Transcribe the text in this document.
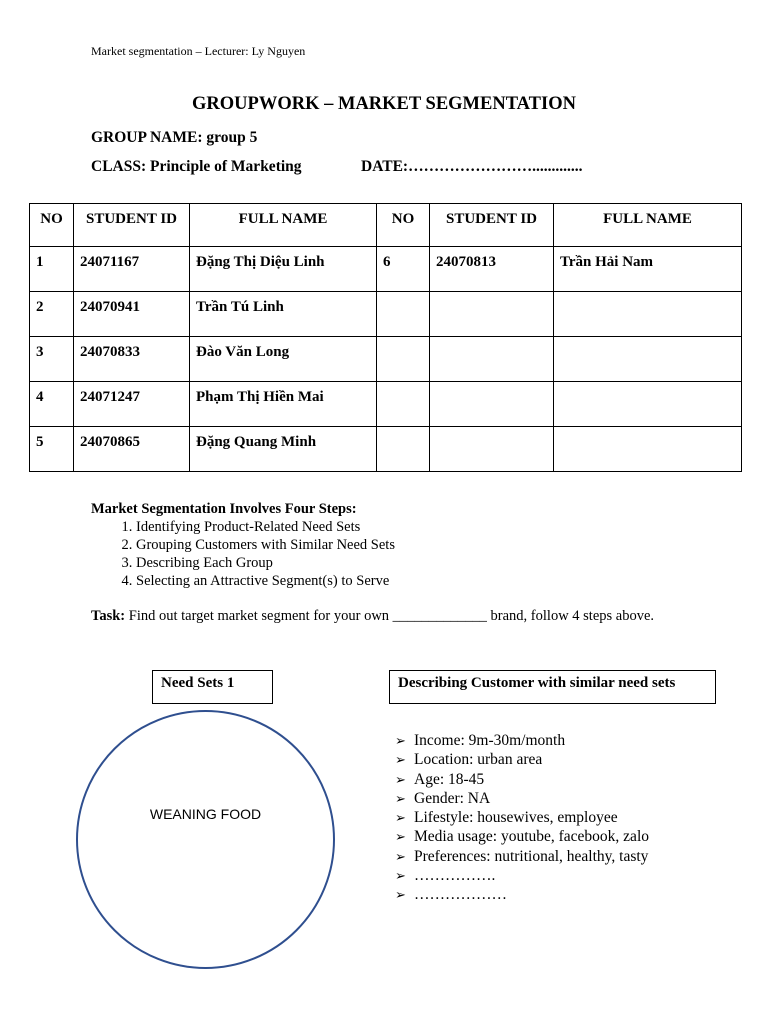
Market segmentation – Lecturer: Ly Nguyen
GROUPWORK – MARKET SEGMENTATION
GROUP NAME: group 5
CLASS: Principle of Marketing	DATE:…………………….............
NO	STUDENT ID	FULL NAME	NO	STUDENT ID	FULL NAME
1	24071167	Đặng Thị Diệu Linh	6	24070813	Trần Hải Nam
2	24070941	Trần Tú Linh			
3	24070833	Đào Văn Long			
4	24071247	Phạm Thị Hiền Mai			
5	24070865	Đặng Quang Minh			
Market Segmentation Involves Four Steps:
1. Identifying Product-Related Need Sets
2. Grouping Customers with Similar Need Sets
3. Describing Each Group
4. Selecting an Attractive Segment(s) to Serve
Task: Find out target market segment for your own _____________ brand, follow 4 steps above.
Need Sets 1	Describing Customer with similar need sets
WEANING FOOD
➢ Income: 9m-30m/month
➢ Location: urban area
➢ Age: 18-45
➢ Gender: NA
➢ Lifestyle: housewives, employee
➢ Media usage: youtube, facebook, zalo
➢ Preferences: nutritional, healthy, tasty
➢ …………….
➢ ………………
